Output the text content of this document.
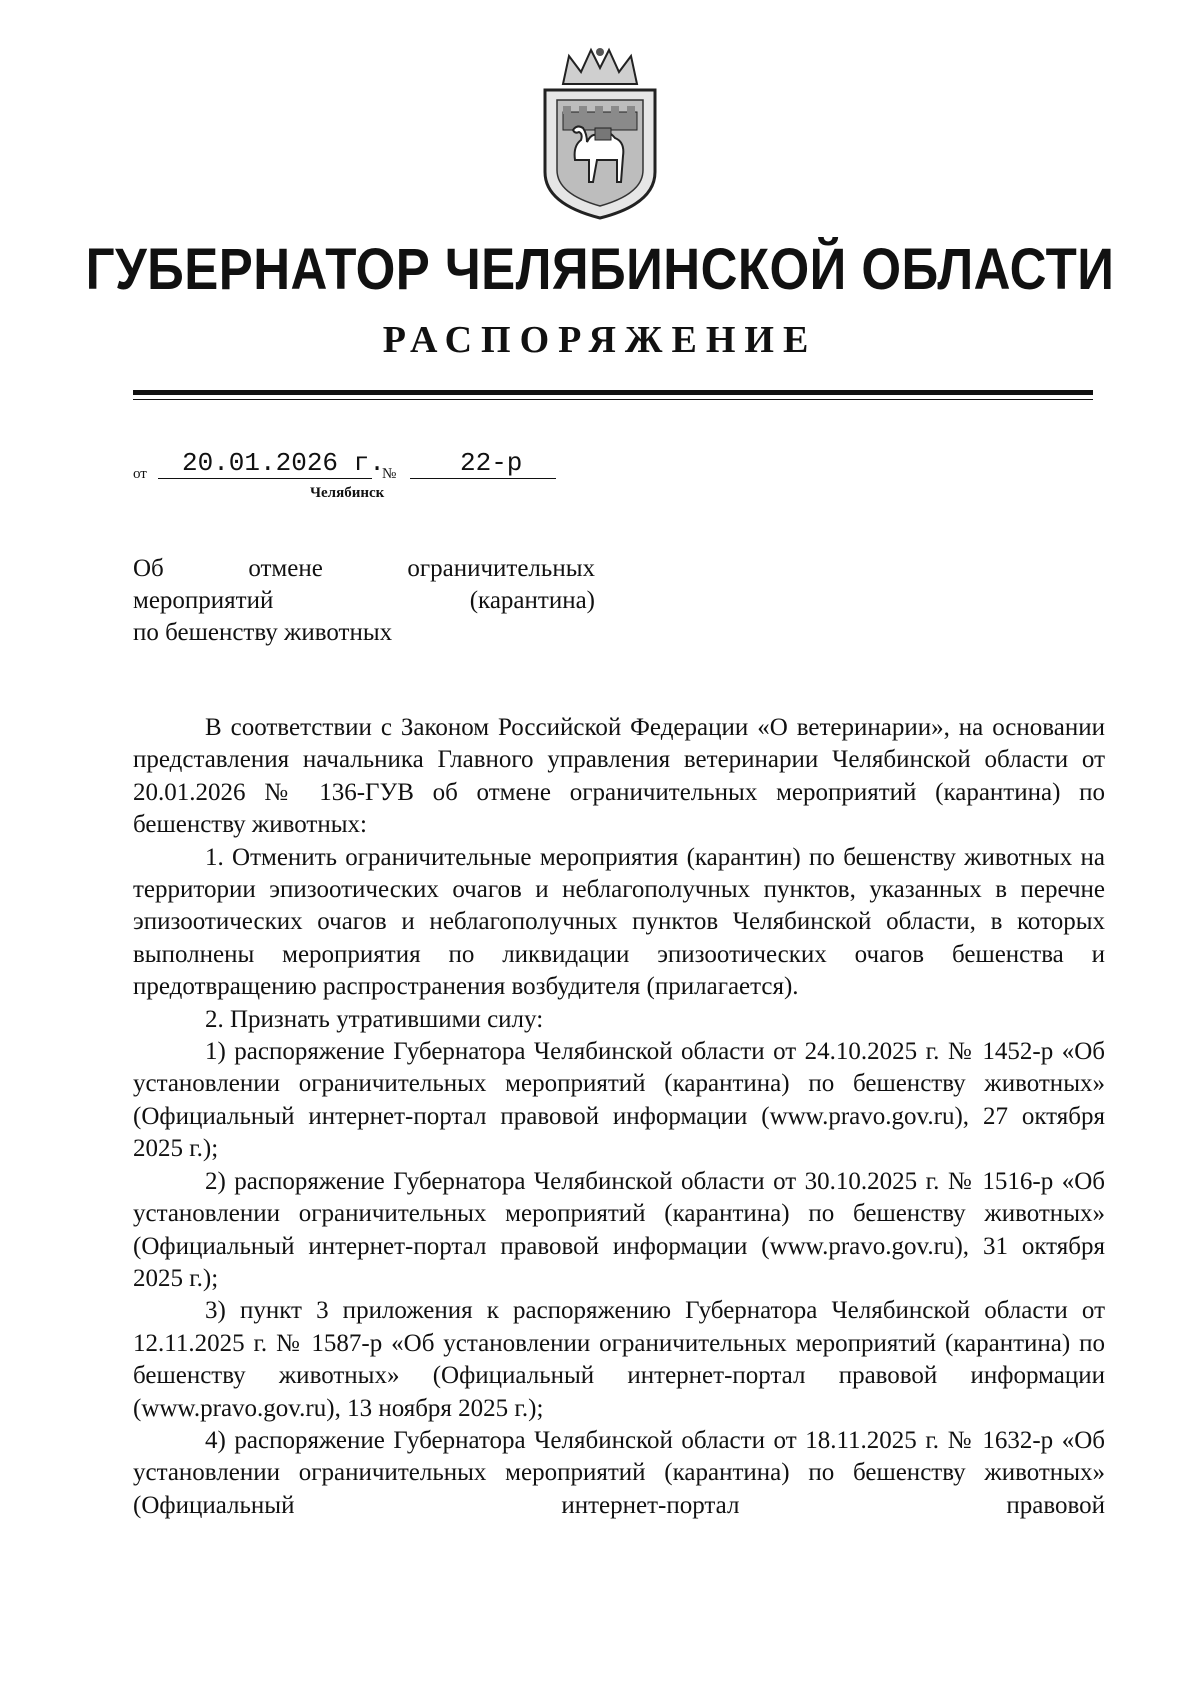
ГУБЕРНАТОР ЧЕЛЯБИНСКОЙ ОБЛАСТИ
РАСПОРЯЖЕНИЕ
от 20.01.2026 г.
№ 22-р
Челябинск
Об отмене ограничительных
мероприятий (карантина)
по бешенству животных
В соответствии с Законом Российской Федерации «О ветеринарии», на основании представления начальника Главного управления ветеринарии Челябинской области от 20.01.2026 № 136-ГУВ об отмене ограничительных мероприятий (карантина) по бешенству животных:
1. Отменить ограничительные мероприятия (карантин) по бешенству животных на территории эпизоотических очагов и неблагополучных пунктов, указанных в перечне эпизоотических очагов и неблагополучных пунктов Челябинской области, в которых выполнены мероприятия по ликвидации эпизоотических очагов бешенства и предотвращению распространения возбудителя (прилагается).
2. Признать утратившими силу:
1) распоряжение Губернатора Челябинской области от 24.10.2025 г. № 1452-р «Об установлении ограничительных мероприятий (карантина) по бешенству животных» (Официальный интернет-портал правовой информации (www.pravo.gov.ru), 27 октября 2025 г.);
2) распоряжение Губернатора Челябинской области от 30.10.2025 г. № 1516-р «Об установлении ограничительных мероприятий (карантина) по бешенству животных» (Официальный интернет-портал правовой информации (www.pravo.gov.ru), 31 октября 2025 г.);
3) пункт 3 приложения к распоряжению Губернатора Челябинской области от 12.11.2025 г. № 1587-р «Об установлении ограничительных мероприятий (карантина) по бешенству животных» (Официальный интернет-портал правовой информации (www.pravo.gov.ru), 13 ноября 2025 г.);
4) распоряжение Губернатора Челябинской области от 18.11.2025 г. № 1632-р «Об установлении ограничительных мероприятий (карантина) по бешенству животных» (Официальный интернет-портал правовой
